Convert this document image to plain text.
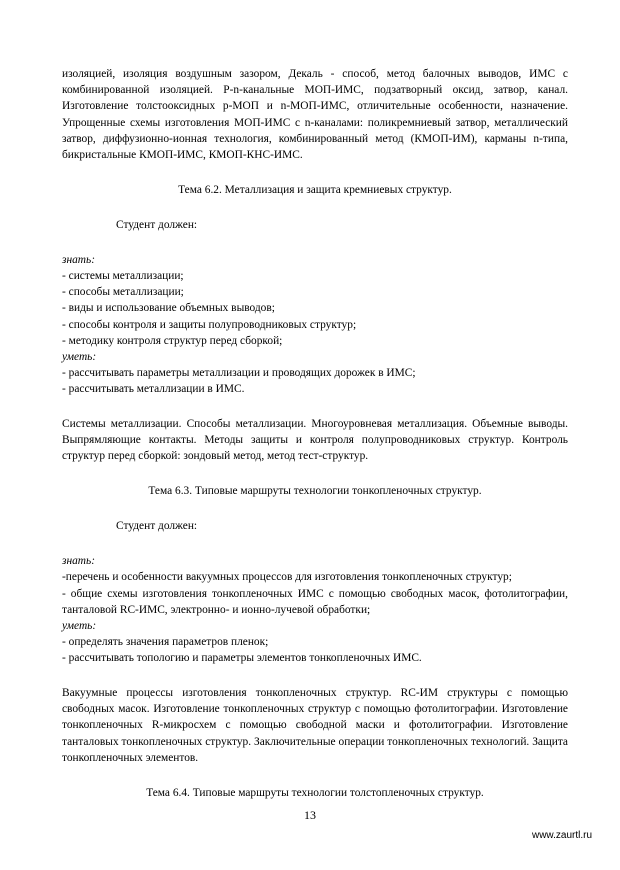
изоляцией, изоляция воздушным зазором, Декаль - способ, метод балочных выводов, ИМС с комбинированной изоляцией. Р-n-канальные МОП-ИМС, подзатворный оксид, затвор, канал. Изготовление толстооксидных р-МОП и n-МОП-ИМС, отличительные особенности, назначение. Упрощенные схемы изготовления МОП-ИМС с n-каналами: поликремниевый затвор, металлический затвор, диффузионно-ионная технология, комбинированный метод (КМОП-ИМ), карманы n-типа, бикристальные КМОП-ИМС, КМОП-КНС-ИМС.

Тема 6.2. Металлизация и защита кремниевых структур.

Студент должен:

знать:

- системы металлизации;

- способы металлизации;

- виды и использование объемных выводов;

- способы контроля и защиты полупроводниковых структур;

- методику контроля структур перед сборкой;

уметь:

- рассчитывать параметры металлизации и проводящих дорожек в ИМС;

- рассчитывать металлизации в ИМС.

Системы металлизации. Способы металлизации. Многоуровневая металлизация. Объемные выводы. Выпрямляющие контакты. Методы защиты и контроля полупроводниковых структур. Контроль структур перед сборкой: зондовый метод, метод тест-структур.

Тема 6.3. Типовые маршруты технологии тонкопленочных структур.

Студент должен:

знать:

-перечень и особенности вакуумных процессов для изготовления тонкопленочных структур;

- общие схемы изготовления тонкопленочных ИМС с помощью свободных масок, фотолитографии, танталовой RC-ИМС, электронно- и ионно-лучевой обработки;

уметь:

- определять значения параметров пленок;

- рассчитывать топологию и параметры элементов тонкопленочных ИМС.

Вакуумные процессы изготовления тонкопленочных структур. RC-ИМ структуры с помощью свободных масок. Изготовление тонкопленочных структур с помощью фотолитографии. Изготовление тонкопленочных R-микросхем с помощью свободной маски и фотолитографии. Изготовление танталовых тонкопленочных структур. Заключительные операции тонкопленочных технологий. Защита тонкопленочных элементов.

Тема 6.4. Типовые маршруты технологии толстопленочных структур.

13
www.zaurtl.ru
